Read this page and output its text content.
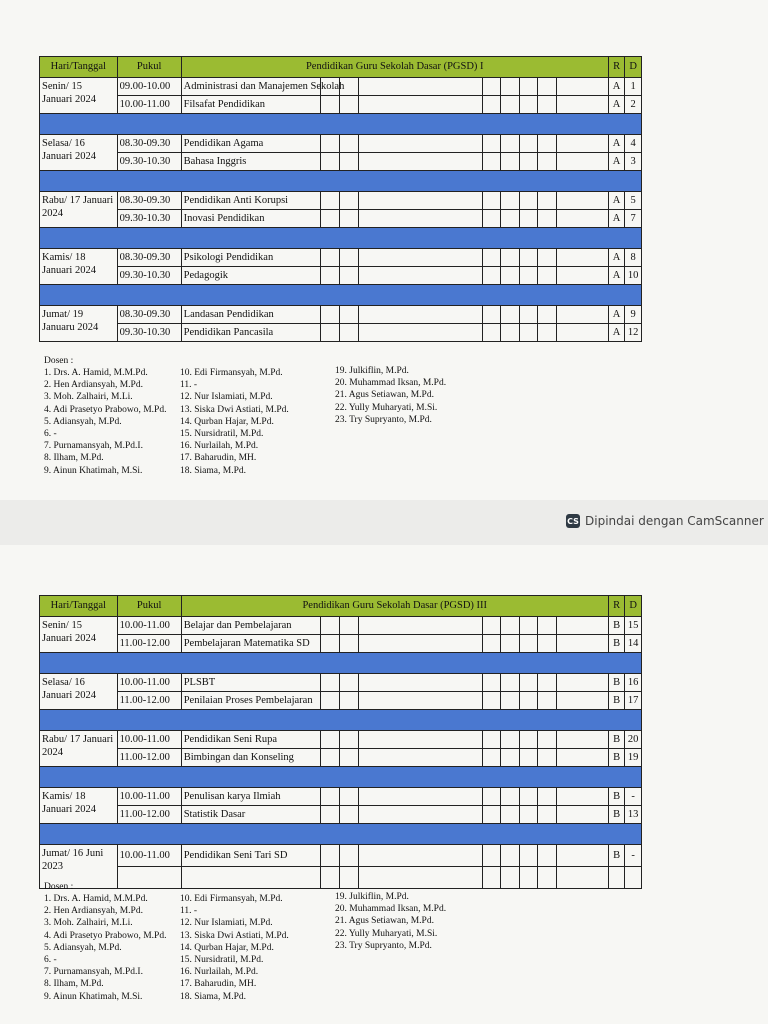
Hari/Tanggal	Pukul	Pendidikan Guru Sekolah Dasar (PGSD) I									R	D
Senin/ 15 Januari 2024	09.00-10.00	Administrasi dan Manajemen Sekolah									A	1
	10.00-11.00	Filsafat Pendidikan									A	2

Selasa/ 16 Januari 2024	08.30-09.30	Pendidikan Agama									A	4
	09.30-10.30	Bahasa Inggris									A	3

Rabu/ 17 Januari 2024	08.30-09.30	Pendidikan Anti Korupsi									A	5
	09.30-10.30	Inovasi Pendidikan									A	7

Kamis/ 18 Januari 2024	08.30-09.30	Psikologi Pendidikan									A	8
	09.30-10.30	Pedagogik									A	10

Jumat/ 19 Januaru 2024	08.30-09.30	Landasan Pendidikan									A	9
	09.30-10.30	Pendidikan Pancasila									A	12
Dosen :
1. Drs. A. Hamid, M.M.Pd.
2. Hen Ardiansyah, M.Pd.
3. Moh. Zalhairi, M.Li.
4. Adi Prasetyo Prabowo, M.Pd.
5. Adiansyah, M.Pd.
6. -
7. Purnamansyah, M.Pd.I.
8. Ilham, M.Pd.
9. Ainun Khatimah, M.Si.
10. Edi Firmansyah, M.Pd.
11. -
12. Nur Islamiati, M.Pd.
13. Siska Dwi Astiati, M.Pd.
14. Qurban Hajar, M.Pd.
15. Nursidratil, M.Pd.
16. Nurlailah, M.Pd.
17. Baharudin, MH.
18. Siama, M.Pd.
19. Julkiflin, M.Pd.
20. Muhammad Iksan, M.Pd.
21. Agus Setiawan, M.Pd.
22. Yully Muharyati, M.Si.
23. Try Supryanto, M.Pd.
CS Dipindai dengan CamScanner
Hari/Tanggal	Pukul	Pendidikan Guru Sekolah Dasar (PGSD) III									R	D
Senin/ 15 Januari 2024	10.00-11.00	Belajar dan Pembelajaran									B	15
	11.00-12.00	Pembelajaran Matematika SD									B	14

Selasa/ 16 Januari 2024	10.00-11.00	PLSBT									B	16
	11.00-12.00	Penilaian Proses Pembelajaran									B	17

Rabu/ 17 Januari 2024	10.00-11.00	Pendidikan Seni Rupa									B	20
	11.00-12.00	Bimbingan dan Konseling									B	19

Kamis/ 18 Januari 2024	10.00-11.00	Penulisan karya Ilmiah									B	-
	11.00-12.00	Statistik Dasar									B	13

Jumat/ 16 Juni 2023	10.00-11.00	Pendidikan Seni Tari SD									B	-

Dosen :
1. Drs. A. Hamid, M.M.Pd.
2. Hen Ardiansyah, M.Pd.
3. Moh. Zalhairi, M.Li.
4. Adi Prasetyo Prabowo, M.Pd.
5. Adiansyah, M.Pd.
6. -
7. Purnamansyah, M.Pd.I.
8. Ilham, M.Pd.
9. Ainun Khatimah, M.Si.
10. Edi Firmansyah, M.Pd.
11. -
12. Nur Islamiati, M.Pd.
13. Siska Dwi Astiati, M.Pd.
14. Qurban Hajar, M.Pd.
15. Nursidratil, M.Pd.
16. Nurlailah, M.Pd.
17. Baharudin, MH.
18. Siama, M.Pd.
19. Julkiflin, M.Pd.
20. Muhammad Iksan, M.Pd.
21. Agus Setiawan, M.Pd.
22. Yully Muharyati, M.Si.
23. Try Supryanto, M.Pd.
